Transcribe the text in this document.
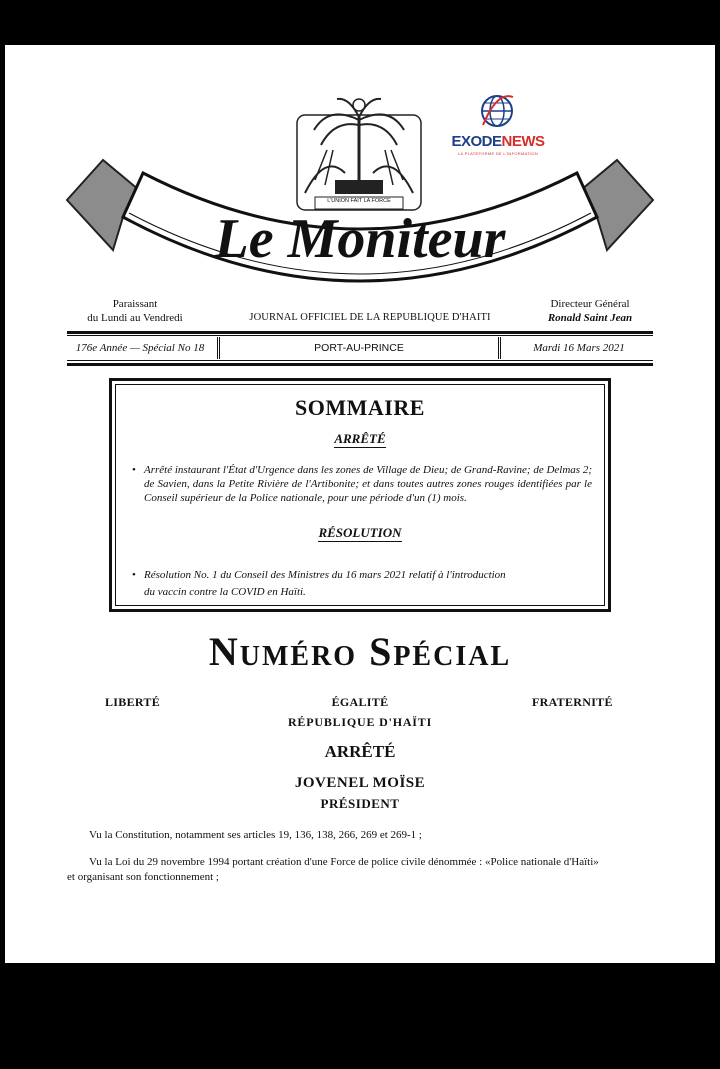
Le Moniteur
L'UNION FAIT LA FORCE
EXODENEWS
LA PLATEFORME DE L'INFORMATION
Paraissant
du Lundi au Vendredi	JOURNAL OFFICIEL DE LA REPUBLIQUE D'HAITI
Directeur Général
Ronald Saint Jean
176e Année — Spécial No 18	PORT-AU-PRINCE	Mardi 16 Mars 2021
SOMMAIRE
ARRÊTÉ
• Arrêté instaurant l'État d'Urgence dans les zones de Village de Dieu; de Grand-Ravine; de Delmas 2; de Savien, dans la Petite Rivière de l'Artibonite; et dans toutes autres zones rouges identifiées par le Conseil supérieur de la Police nationale, pour une période d'un (1) mois.
RÉSOLUTION
• Résolution No. 1 du Conseil des Ministres du 16 mars 2021 relatif à l'introduction
du vaccin contre la COVID en Haïti.
Numéro Spécial
LIBERTÉ	ÉGALITÉ	FRATERNITÉ
RÉPUBLIQUE D'HAÏTI
ARRÊTÉ
JOVENEL MOÏSE
PRÉSIDENT
Vu la Constitution, notamment ses articles 19, 136, 138, 266, 269 et 269-1 ;
Vu la Loi du 29 novembre 1994 portant création d'une Force de police civile dénommée : «Police nationale d'Haïti»
et organisant son fonctionnement ;
